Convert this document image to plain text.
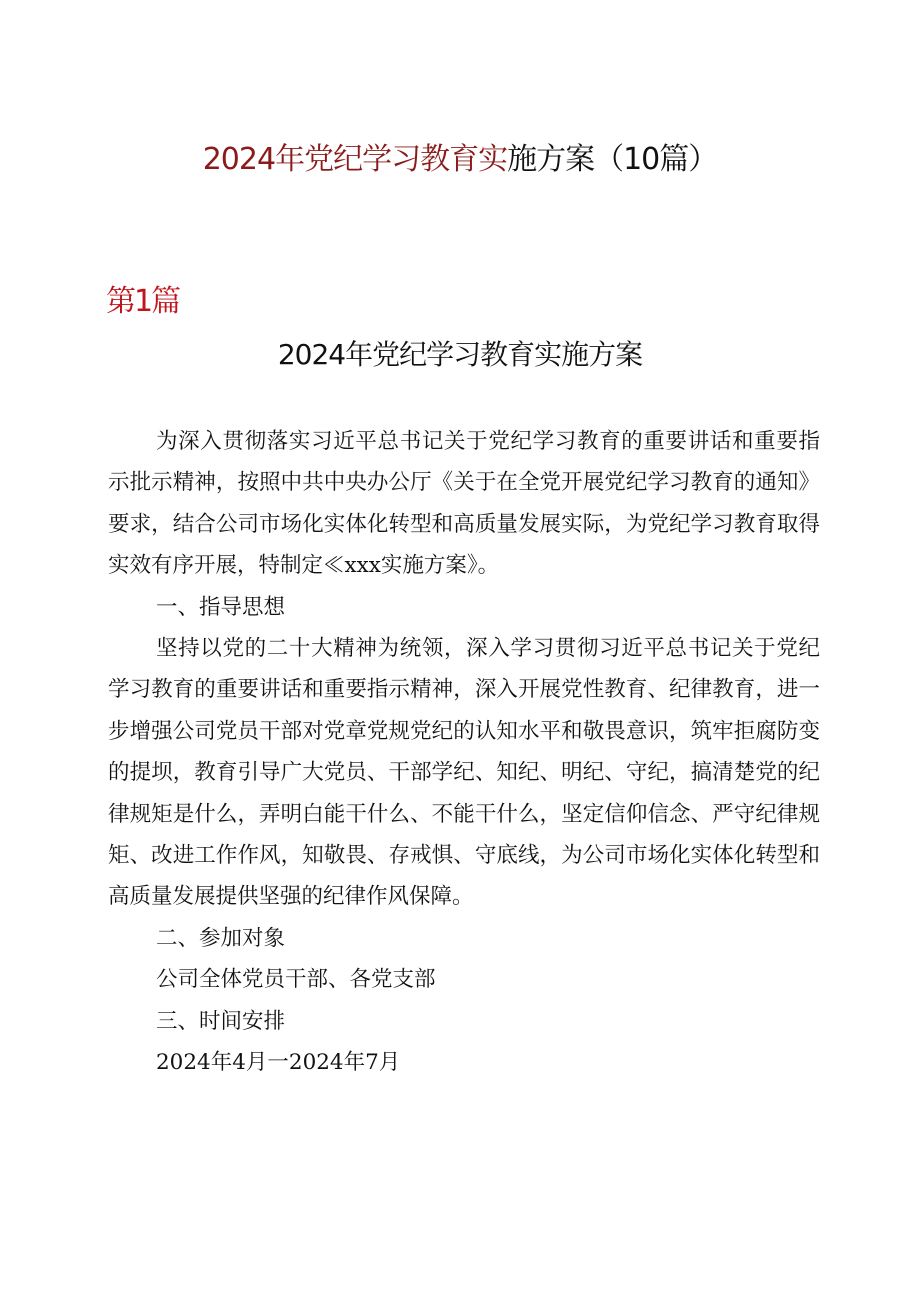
2024年党纪学习教育实施方案（10篇）
第1篇
2024年党纪学习教育实施方案

为深入贯彻落实习近平总书记关于党纪学习教育的重要讲话和重要指示批示精神，按照中共中央办公厅《关于在全党开展党纪学习教育的通知》要求，结合公司市场化实体化转型和高质量发展实际，为党纪学习教育取得实效有序开展，特制定≪xxx实施方案》。

一、指导思想

坚持以党的二十大精神为统领，深入学习贯彻习近平总书记关于党纪学习教育的重要讲话和重要指示精神，深入开展党性教育、纪律教育，进一步增强公司党员干部对党章党规党纪的认知水平和敬畏意识，筑牢拒腐防变的提坝，教育引导广大党员、干部学纪、知纪、明纪、守纪，搞清楚党的纪律规矩是什么，弄明白能干什么、不能干什么，坚定信仰信念、严守纪律规矩、改进工作作风，知敬畏、存戒惧、守底线，为公司市场化实体化转型和高质量发展提供坚强的纪律作风保障。

二、参加对象

公司全体党员干部、各党支部

三、时间安排

2024年4月一2024年7月
